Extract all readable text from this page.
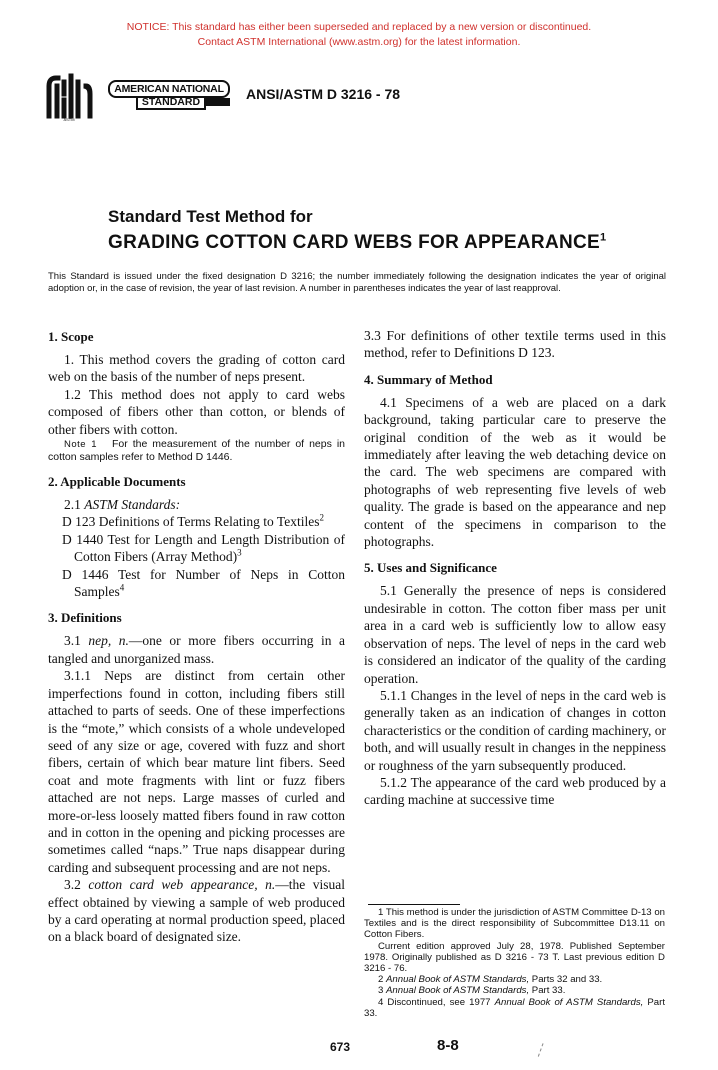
NOTICE: This standard has either been superseded and replaced by a new version or discontinued.
Contact ASTM International (www.astm.org) for the latest information.
ASTM
AMERICAN NATIONAL
STANDARD	ANSI/ASTM D 3216 - 78
Standard Test Method for
GRADING COTTON CARD WEBS FOR APPEARANCE$^1$
This Standard is issued under the fixed designation D 3216; the number immediately following the designation indicates the year of original adoption or, in the case of revision, the year of last revision. A number in parentheses indicates the year of last reapproval.
1. Scope

1. This method covers the grading of cotton card web on the basis of the number of neps present.

1.2 This method does not apply to card webs composed of fibers other than cotton, or blends of other fibers with cotton.

Note 1 For the measurement of the number of neps in cotton samples refer to Method D 1446.

2. Applicable Documents

2.1 ASTM Standards:

D 123 Definitions of Terms Relating to Textiles$^2$

D 1440 Test for Length and Length Distribution of Cotton Fibers (Array Method)$^3$

D 1446 Test for Number of Neps in Cotton Samples$^4$

3. Definitions

3.1 nep, n.—one or more fibers occurring in a tangled and unorganized mass.

3.1.1 Neps are distinct from certain other imperfections found in cotton, including fibers still attached to parts of seeds. One of these imperfections is the “mote,” which consists of a whole undeveloped seed of any size or age, covered with fuzz and short fibers, certain of which bear mature lint fibers. Seed coat and mote fragments with lint or fuzz fibers attached are not neps. Large masses of curled and more-or-less loosely matted fibers found in raw cotton and in cotton in the opening and picking processes are sometimes called “naps.” True naps disappear during carding and subsequent processing and are not neps.

3.2 cotton card web appearance, n.—the visual effect obtained by viewing a sample of web produced by a card operating at normal production speed, placed on a black board of designated size.

3.3 For definitions of other textile terms used in this method, refer to Definitions D 123.

4. Summary of Method

4.1 Specimens of a web are placed on a dark background, taking particular care to preserve the original condition of the web as it would be immediately after leaving the web detaching device on the card. The web specimens are compared with photographs of web representing five levels of web quality. The grade is based on the appearance and nep content of the specimens in comparison to the photographs.

5. Uses and Significance

5.1 Generally the presence of neps is considered undesirable in cotton. The cotton fiber mass per unit area in a card web is sufficiently low to allow easy observation of neps. The level of neps in the card web is considered an indicator of the quality of the carding operation.

5.1.1 Changes in the level of neps in the card web is generally taken as an indication of changes in cotton characteristics or the condition of carding machinery, or both, and will usually result in changes in the neppiness or roughness of the yarn subsequently produced.

5.1.2 The appearance of the card web produced by a carding machine at successive time

1 This method is under the jurisdiction of ASTM Committee D-13 on Textiles and is the direct responsibility of Subcommittee D13.11 on Cotton Fibers.

Current edition approved July 28, 1978. Published September 1978. Originally published as D 3216 - 73 T. Last previous edition D 3216 - 76.

2 Annual Book of ASTM Standards, Parts 32 and 33.

3 Annual Book of ASTM Standards, Part 33.

4 Discontinued, see 1977 Annual Book of ASTM Standards, Part 33.

673	8-8
